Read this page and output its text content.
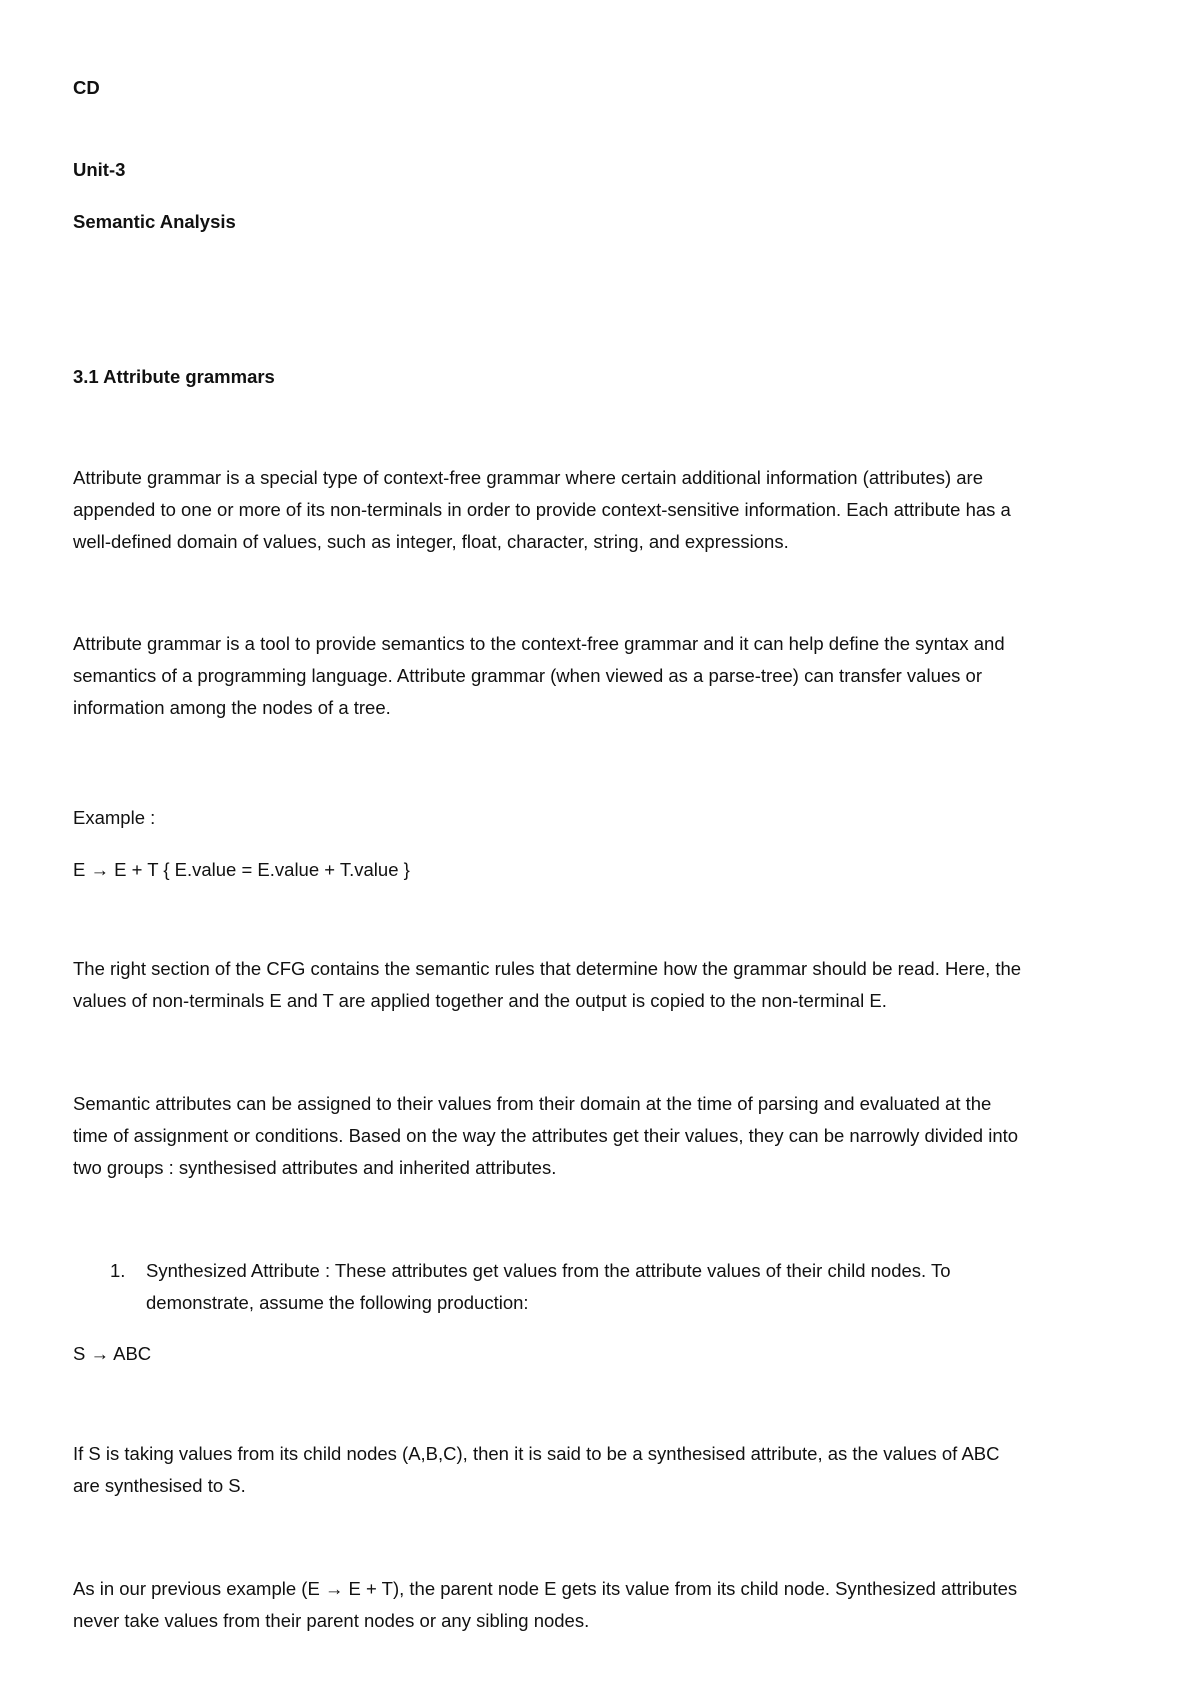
CD
Unit-3
Semantic Analysis
3.1 Attribute grammars
Attribute grammar is a special type of context-free grammar where certain additional information (attributes) are
appended to one or more of its non-terminals in order to provide context-sensitive information. Each attribute has a
well-defined domain of values, such as integer, float, character, string, and expressions.
Attribute grammar is a tool to provide semantics to the context-free grammar and it can help define the syntax and
semantics of a programming language. Attribute grammar (when viewed as a parse-tree) can transfer values or
information among the nodes of a tree.
Example :
E → E + T { E.value = E.value + T.value }
The right section of the CFG contains the semantic rules that determine how the grammar should be read. Here, the
values of non-terminals E and T are applied together and the output is copied to the non-terminal E.
Semantic attributes can be assigned to their values from their domain at the time of parsing and evaluated at the
time of assignment or conditions. Based on the way the attributes get their values, they can be narrowly divided into
two groups : synthesised attributes and inherited attributes.
1. Synthesized Attribute : These attributes get values from the attribute values of their child nodes. To
demonstrate, assume the following production:
S → ABC
If S is taking values from its child nodes (A,B,C), then it is said to be a synthesised attribute, as the values of ABC
are synthesised to S.
As in our previous example (E → E + T), the parent node E gets its value from its child node. Synthesized attributes
never take values from their parent nodes or any sibling nodes.
